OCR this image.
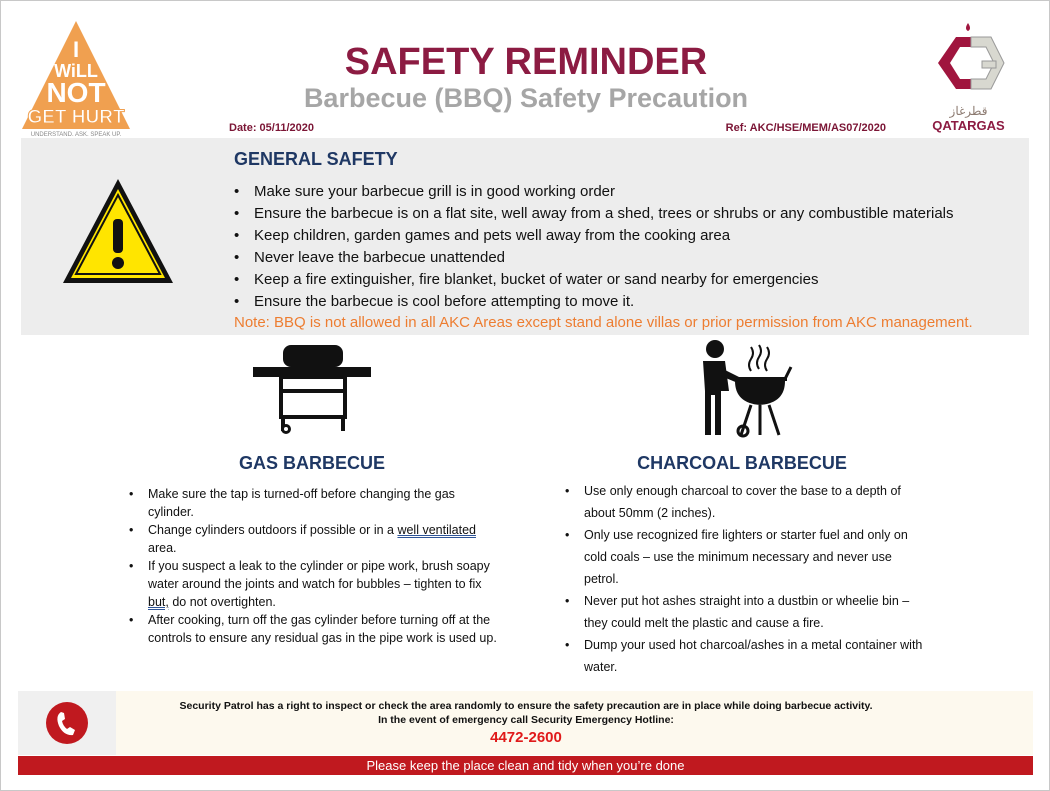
I
WiLL
NOT
GET HURT
UNDERSTAND. ASK. SPEAK UP.
SAFETY REMINDER
Barbecue (BBQ) Safety Precaution
Date: 05/11/2020	Ref: AKC/HSE/MEM/AS07/2020
قطرغاز
QATARGAS
GENERAL SAFETY
• Make sure your barbecue grill is in good working order
• Ensure the barbecue is on a flat site, well away from a shed, trees or shrubs or any combustible materials
• Keep children, garden games and pets well away from the cooking area
• Never leave the barbecue unattended
• Keep a fire extinguisher, fire blanket, bucket of water or sand nearby for emergencies
• Ensure the barbecue is cool before attempting to move it.
Note: BBQ is not allowed in all AKC Areas except stand alone villas or prior permission from AKC management.
GAS BARBECUE
• Make sure the tap is turned-off before changing the gas cylinder.
• Change cylinders outdoors if possible or in a well ventilated area.
• If you suspect a leak to the cylinder or pipe work, brush soapy water around the joints and watch for bubbles – tighten to fix but, do not overtighten.
• After cooking, turn off the gas cylinder before turning off at the controls to ensure any residual gas in the pipe work is used up.
CHARCOAL BARBECUE
• Use only enough charcoal to cover the base to a depth of about 50mm (2 inches).
• Only use recognized fire lighters or starter fuel and only on cold coals – use the minimum necessary and never use petrol.
• Never put hot ashes straight into a dustbin or wheelie bin – they could melt the plastic and cause a fire.
• Dump your used hot charcoal/ashes in a metal container with water.
Security Patrol has a right to inspect or check the area randomly to ensure the safety precaution are in place while doing barbecue activity.
In the event of emergency call Security Emergency Hotline:
4472-2600
Please keep the place clean and tidy when you’re done
